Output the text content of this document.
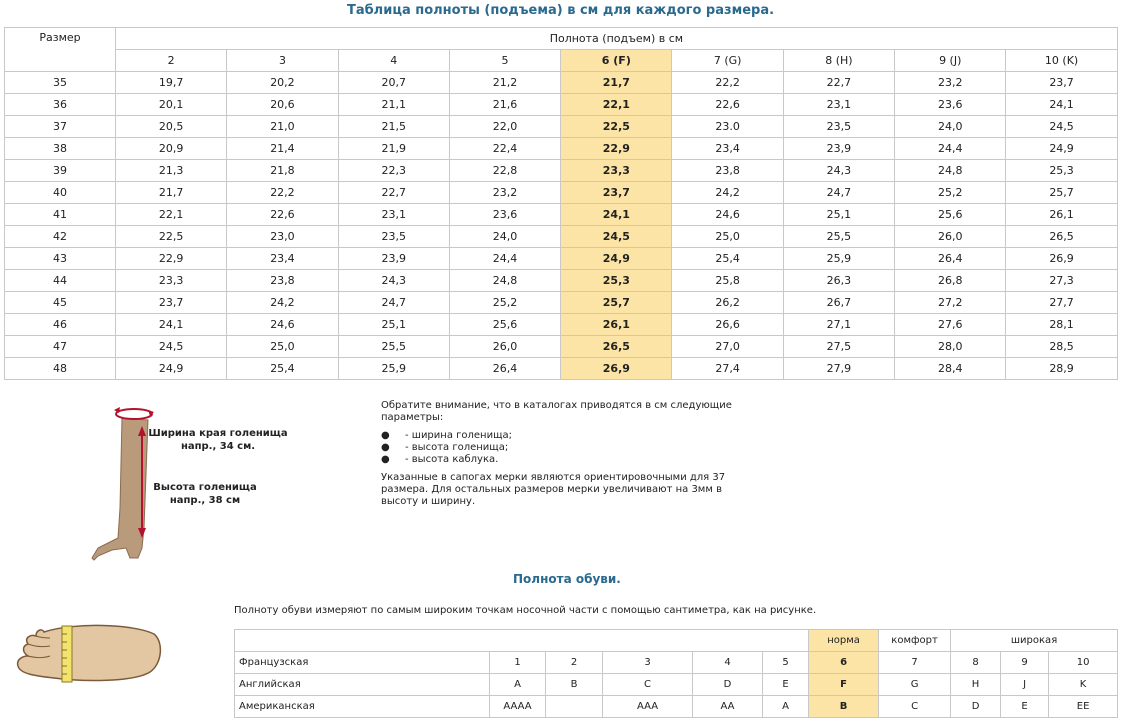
Таблица полноты (подъема) в см для каждого размера.
Размер	Полнота (подъем) в см								
	2	3	4	5	6 (F)	7 (G)	8 (H)	9 (J)	10 (K)
35	19,7	20,2	20,7	21,2	21,7	22,2	22,7	23,2	23,7
36	20,1	20,6	21,1	21,6	22,1	22,6	23,1	23,6	24,1
37	20,5	21,0	21,5	22,0	22,5	23.0	23,5	24,0	24,5
38	20,9	21,4	21,9	22,4	22,9	23,4	23,9	24,4	24,9
39	21,3	21,8	22,3	22,8	23,3	23,8	24,3	24,8	25,3
40	21,7	22,2	22,7	23,2	23,7	24,2	24,7	25,2	25,7
41	22,1	22,6	23,1	23,6	24,1	24,6	25,1	25,6	26,1
42	22,5	23,0	23,5	24,0	24,5	25,0	25,5	26,0	26,5
43	22,9	23,4	23,9	24,4	24,9	25,4	25,9	26,4	26,9
44	23,3	23,8	24,3	24,8	25,3	25,8	26,3	26,8	27,3
45	23,7	24,2	24,7	25,2	25,7	26,2	26,7	27,2	27,7
46	24,1	24,6	25,1	25,6	26,1	26,6	27,1	27,6	28,1
47	24,5	25,0	25,5	26,0	26,5	27,0	27,5	28,0	28,5
48	24,9	25,4	25,9	26,4	26,9	27,4	27,9	28,4	28,9
Ширина края голенища
напр., 34 см.
Высота голенища
напр., 38 см

Обратите внимание, что в каталогах приводятся в см следующие параметры:

● - ширина голенища;
● - высота голенища;
● - высота каблука.

Указанные в сапогах мерки являются ориентировочными для 37 размера. Для остальных размеров мерки увеличивают на 3мм в высоту и ширину.

Полнота обуви.
Полноту обуви измеряют по самым широким точкам носочной части с помощью сантиметра, как на рисунке.
						норма	комфорт	широкая		
Французская	1	2	3	4	5	6	7	8	9	10
Английская	A	B	C	D	E	F	G	H	J	K
Американская	AAAA		AAA	AA	A	B	C	D	E	EE
